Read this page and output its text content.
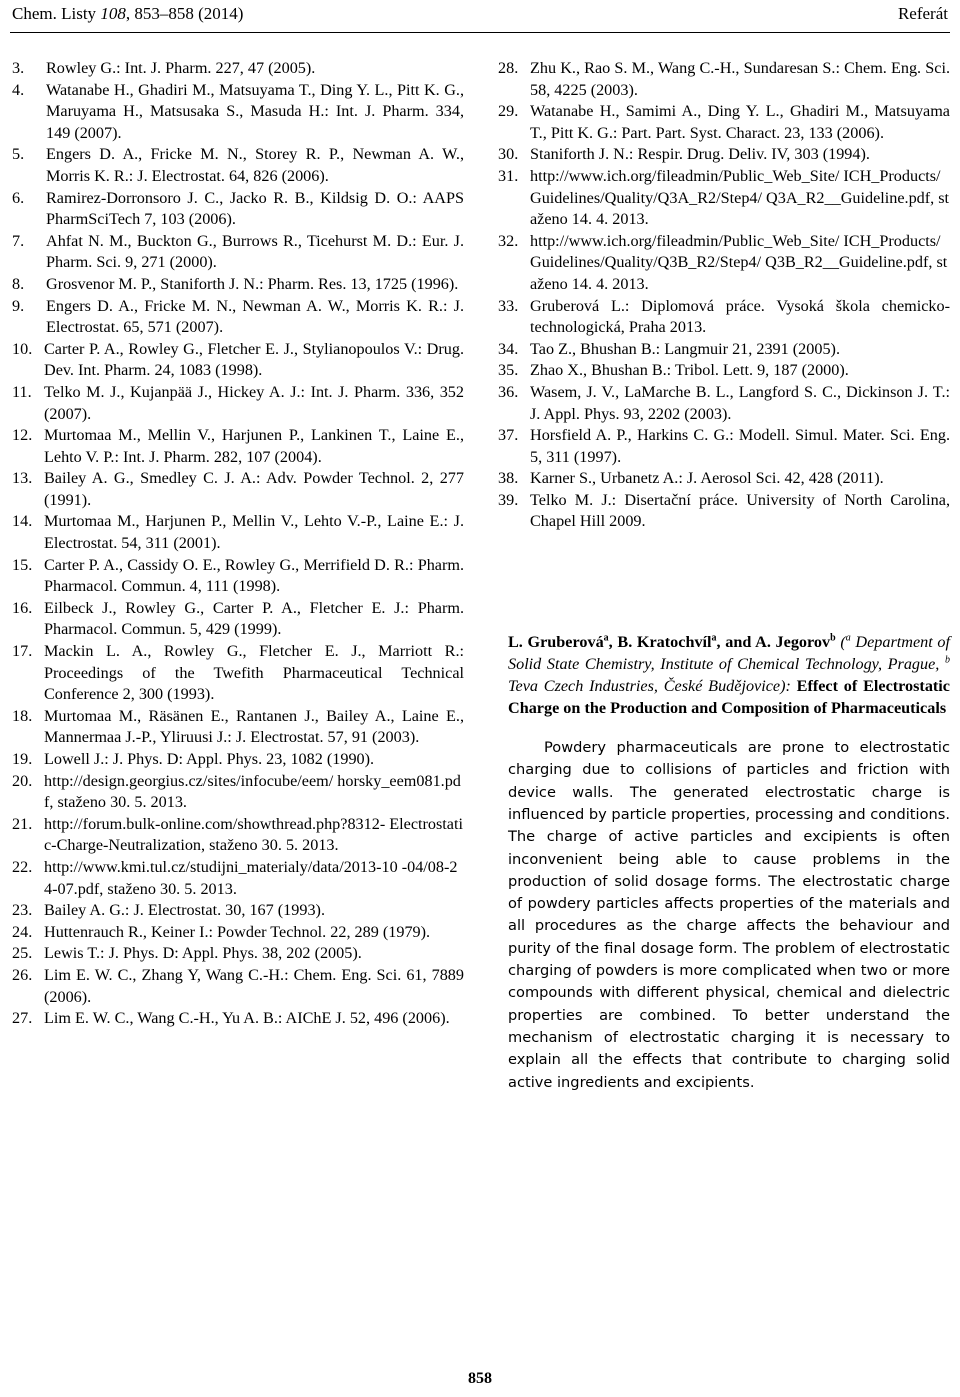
Chem. Listy 108, 853–858 (2014)	Referát
3.	Rowley G.: Int. J. Pharm. 227, 47 (2005).
4.	Watanabe H., Ghadiri M., Matsuyama T., Ding Y. L., Pitt K. G., Maruyama H., Matsusaka S., Masuda H.: Int. J. Pharm. 334, 149 (2007).
5.	Engers D. A., Fricke M. N., Storey R. P., Newman A. W., Morris K. R.: J. Electrostat. 64, 826 (2006).
6.	Ramirez-Dorronsoro J. C., Jacko R. B., Kildsig D. O.: AAPS PharmSciTech 7, 103 (2006).
7.	Ahfat N. M., Buckton G., Burrows R., Ticehurst M. D.: Eur. J. Pharm. Sci. 9, 271 (2000).
8.	Grosvenor M. P., Staniforth J. N.: Pharm. Res. 13, 1725 (1996).
9.	Engers D. A., Fricke M. N., Newman A. W., Morris K. R.: J. Electrostat. 65, 571 (2007).
10. Carter P. A., Rowley G., Fletcher E. J., Stylianopoulos V.: Drug. Dev. Int. Pharm. 24, 1083 (1998).
11. Telko M. J., Kujanpää J., Hickey A. J.: Int. J. Pharm. 336, 352 (2007).
12. Murtomaa M., Mellin V., Harjunen P., Lankinen T., Laine E., Lehto V. P.: Int. J. Pharm. 282, 107 (2004).
13. Bailey A. G., Smedley C. J. A.: Adv. Powder Technol. 2, 277 (1991).
14. Murtomaa M., Harjunen P., Mellin V., Lehto V.-P., Laine E.: J. Electrostat. 54, 311 (2001).
15. Carter P. A., Cassidy O. E., Rowley G., Merrifield D. R.: Pharm. Pharmacol. Commun. 4, 111 (1998).
16. Eilbeck J., Rowley G., Carter P. A., Fletcher E. J.: Pharm. Pharmacol. Commun. 5, 429 (1999).
17. Mackin L. A., Rowley G., Fletcher E. J., Marriott R.: Proceedings of the Twefith Pharmaceutical Technical Conference 2, 300 (1993).
18. Murtomaa M., Räsänen E., Rantanen J., Bailey A., Laine E., Mannermaa J.-P., Yliruusi J.: J. Electrostat. 57, 91 (2003).
19. Lowell J.: J. Phys. D: Appl. Phys. 23, 1082 (1990).
20. http://design.georgius.cz/sites/infocube/eem/ horsky_eem081.pdf, staženo 30. 5. 2013.
21. http://forum.bulk-online.com/showthread.php?8312- Electrostatic-Charge-Neutralization, staženo 30. 5. 2013.
22. http://www.kmi.tul.cz/studijni_materialy/data/2013-10 -04/08-24-07.pdf, staženo 30. 5. 2013.
23. Bailey A. G.: J. Electrostat. 30, 167 (1993).
24. Huttenrauch R., Keiner I.: Powder Technol. 22, 289 (1979).
25. Lewis T.: J. Phys. D: Appl. Phys. 38, 202 (2005).
26. Lim E. W. C., Zhang Y, Wang C.-H.: Chem. Eng. Sci. 61, 7889 (2006).
27. Lim E. W. C., Wang C.-H., Yu A. B.: AIChE J. 52, 496 (2006).
28. Zhu K., Rao S. M., Wang C.-H., Sundaresan S.: Chem. Eng. Sci. 58, 4225 (2003).
29. Watanabe H., Samimi A., Ding Y. L., Ghadiri M., Matsuyama T., Pitt K. G.: Part. Part. Syst. Charact. 23, 133 (2006).
30. Staniforth J. N.: Respir. Drug. Deliv. IV, 303 (1994).
31. http://www.ich.org/fileadmin/Public_Web_Site/ ICH_Products/Guidelines/Quality/Q3A_R2/Step4/ Q3A_R2__Guideline.pdf, staženo 14. 4. 2013.
32. http://www.ich.org/fileadmin/Public_Web_Site/ ICH_Products/Guidelines/Quality/Q3B_R2/Step4/ Q3B_R2__Guideline.pdf, staženo 14. 4. 2013.
33. Gruberová L.: Diplomová práce. Vysoká škola chemicko-technologická, Praha 2013.
34. Tao Z., Bhushan B.: Langmuir 21, 2391 (2005).
35. Zhao X., Bhushan B.: Tribol. Lett. 9, 187 (2000).
36. Wasem, J. V., LaMarche B. L., Langford S. C., Dickinson J. T.: J. Appl. Phys. 93, 2202 (2003).
37. Horsfield A. P., Harkins C. G.: Modell. Simul. Mater. Sci. Eng. 5, 311 (1997).
38. Karner S., Urbanetz A.: J. Aerosol Sci. 42, 428 (2011).
39. Telko M. J.: Disertační práce. University of North Carolina, Chapel Hill 2009.
L. Gruberová$^a$, B. Kratochvíl$^a$, and A. Jegorov$^b$ ($^a$ Department of Solid State Chemistry, Institute of Chemical Technology, Prague, $^b$ Teva Czech Industries, České Budějovice): Effect of Electrostatic Charge on the Production and Composition of Pharmaceuticals
Powdery pharmaceuticals are prone to electrostatic charging due to collisions of particles and friction with device walls. The generated electrostatic charge is influenced by particle properties, processing and conditions. The charge of active particles and excipients is often inconvenient being able to cause problems in the production of solid dosage forms. The electrostatic charge of powdery particles affects properties of the materials and all procedures as the charge affects the behaviour and purity of the final dosage form. The problem of electrostatic charging of powders is more complicated when two or more compounds with different physical, chemical and dielectric properties are combined. To better understand the mechanism of electrostatic charging it is necessary to explain all the effects that contribute to charging solid active ingredients and excipients.
858
